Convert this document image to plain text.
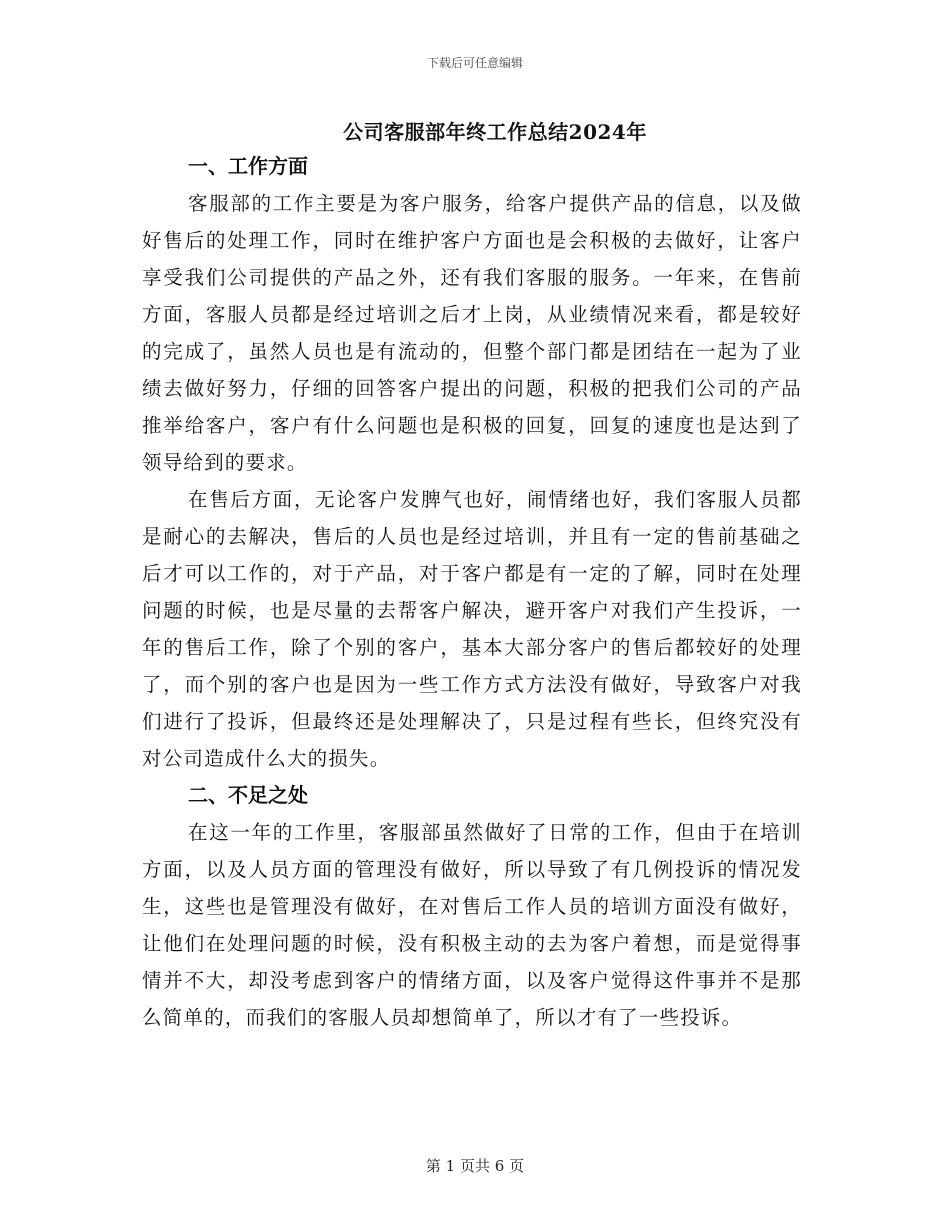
下载后可任意编辑
公司客服部年终工作总结2024年
一、工作方面

客服部的工作主要是为客户服务，给客户提供产品的信息，以及做好售后的处理工作，同时在维护客户方面也是会积极的去做好，让客户享受我们公司提供的产品之外，还有我们客服的服务。一年来，在售前方面，客服人员都是经过培训之后才上岗，从业绩情况来看，都是较好的完成了，虽然人员也是有流动的，但整个部门都是团结在一起为了业绩去做好努力，仔细的回答客户提出的问题，积极的把我们公司的产品推举给客户，客户有什么问题也是积极的回复，回复的速度也是达到了领导给到的要求。

在售后方面，无论客户发脾气也好，闹情绪也好，我们客服人员都是耐心的去解决，售后的人员也是经过培训，并且有一定的售前基础之后才可以工作的，对于产品，对于客户都是有一定的了解，同时在处理问题的时候，也是尽量的去帮客户解决，避开客户对我们产生投诉，一年的售后工作，除了个别的客户，基本大部分客户的售后都较好的处理了，而个别的客户也是因为一些工作方式方法没有做好，导致客户对我们进行了投诉，但最终还是处理解决了，只是过程有些长，但终究没有对公司造成什么大的损失。

二、不足之处

在这一年的工作里，客服部虽然做好了日常的工作，但由于在培训方面，以及人员方面的管理没有做好，所以导致了有几例投诉的情况发生，这些也是管理没有做好，在对售后工作人员的培训方面没有做好，让他们在处理问题的时候，没有积极主动的去为客户着想，而是觉得事情并不大，却没考虑到客户的情绪方面，以及客户觉得这件事并不是那么简单的，而我们的客服人员却想简单了，所以才有了一些投诉。

第 1 页共 6 页
